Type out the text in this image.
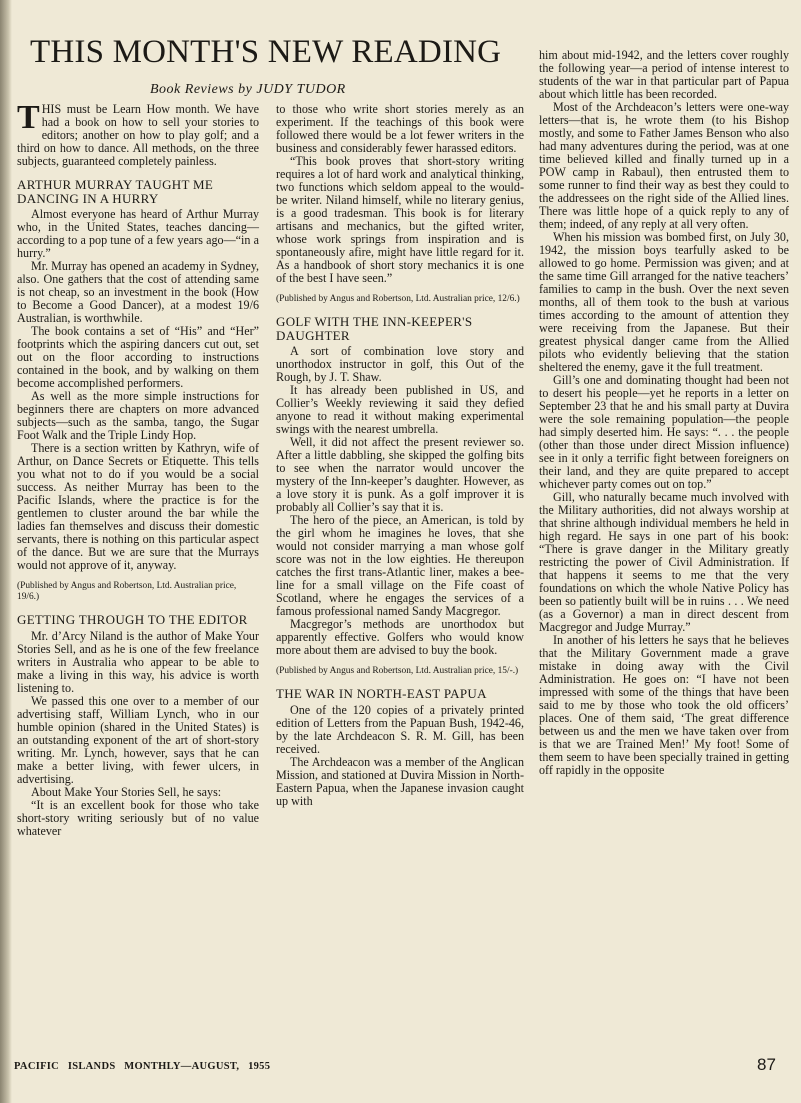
THIS MONTH'S NEW READING
Book Reviews by JUDY TUDOR

THIS must be Learn How month. We have had a book on how to sell your stories to editors; another on how to play golf; and a third on how to dance. All methods, on the three subjects, guaranteed completely painless.

ARTHUR MURRAY TAUGHT ME DANCING IN A HURRY

Almost everyone has heard of Arthur Murray who, in the United States, teaches dancing—according to a pop tune of a few years ago—“in a hurry.”

Mr. Murray has opened an academy in Sydney, also. One gathers that the cost of attending same is not cheap, so an investment in the book (How to Become a Good Dancer), at a modest 19/6 Australian, is worthwhile.

The book contains a set of “His” and “Her” footprints which the aspiring dancers cut out, set out on the floor according to instructions contained in the book, and by walking on them become accomplished performers.

As well as the more simple instructions for beginners there are chapters on more advanced subjects—such as the samba, tango, the Sugar Foot Walk and the Triple Lindy Hop.

There is a section written by Kathryn, wife of Arthur, on Dance Secrets or Etiquette. This tells you what not to do if you would be a social success. As neither Murray has been to the Pacific Islands, where the practice is for the gentlemen to cluster around the bar while the ladies fan themselves and discuss their domestic servants, there is nothing on this particular aspect of the dance. But we are sure that the Murrays would not approve of it, anyway.

(Published by Angus and Robertson, Ltd. Australian price, 19/6.)

GETTING THROUGH TO THE EDITOR

Mr. d’Arcy Niland is the author of Make Your Stories Sell, and as he is one of the few freelance writers in Australia who appear to be able to make a living in this way, his advice is worth listening to.

We passed this one over to a member of our advertising staff, William Lynch, who in our humble opinion (shared in the United States) is an outstanding exponent of the art of short-story writing. Mr. Lynch, however, says that he can make a better living, with fewer ulcers, in advertising.

About Make Your Stories Sell, he says:

“It is an excellent book for those who take short-story writing seriously but of no value whatever

to those who write short stories merely as an experiment. If the teachings of this book were followed there would be a lot fewer writers in the business and considerably fewer harassed editors.

“This book proves that short-story writing requires a lot of hard work and analytical thinking, two functions which seldom appeal to the would-be writer. Niland himself, while no literary genius, is a good tradesman. This book is for literary artisans and mechanics, but the gifted writer, whose work springs from inspiration and is spontaneously afire, might have little regard for it. As a handbook of short story mechanics it is one of the best I have seen.”

(Published by Angus and Robertson, Ltd. Australian price, 12/6.)

GOLF WITH THE INN-KEEPER'S DAUGHTER

A sort of combination love story and unorthodox instructor in golf, this Out of the Rough, by J. T. Shaw.

It has already been published in US, and Collier’s Weekly reviewing it said they defied anyone to read it without making experimental swings with the nearest umbrella.

Well, it did not affect the present reviewer so. After a little dabbling, she skipped the golfing bits to see when the narrator would uncover the mystery of the Inn-keeper’s daughter. However, as a love story it is punk. As a golf improver it is probably all Collier’s say that it is.

The hero of the piece, an American, is told by the girl whom he imagines he loves, that she would not consider marrying a man whose golf score was not in the low eighties. He thereupon catches the first trans-Atlantic liner, makes a bee-line for a small village on the Fife coast of Scotland, where he engages the services of a famous professional named Sandy Macgregor.

Macgregor’s methods are unorthodox but apparently effective. Golfers who would know more about them are advised to buy the book.

(Published by Angus and Robertson, Ltd. Australian price, 15/-.)

THE WAR IN NORTH-EAST PAPUA

One of the 120 copies of a privately printed edition of Letters from the Papuan Bush, 1942-46, by the late Archdeacon S. R. M. Gill, has been received.

The Archdeacon was a member of the Anglican Mission, and stationed at Duvira Mission in North-Eastern Papua, when the Japanese invasion caught up with

him about mid-1942, and the letters cover roughly the following year—a period of intense interest to students of the war in that particular part of Papua about which little has been recorded.

Most of the Archdeacon’s letters were one-way letters—that is, he wrote them (to his Bishop mostly, and some to Father James Benson who also had many adventures during the period, was at one time believed killed and finally turned up in a POW camp in Rabaul), then entrusted them to some runner to find their way as best they could to the addressees on the right side of the Allied lines. There was little hope of a quick reply to any of them; indeed, of any reply at all very often.

When his mission was bombed first, on July 30, 1942, the mission boys tearfully asked to be allowed to go home. Permission was given; and at the same time Gill arranged for the native teachers’ families to camp in the bush. Over the next seven months, all of them took to the bush at various times according to the amount of attention they were receiving from the Japanese. But their greatest physical danger came from the Allied pilots who evidently believing that the station sheltered the enemy, gave it the full treatment.

Gill’s one and dominating thought had been not to desert his people—yet he reports in a letter on September 23 that he and his small party at Duvira were the sole remaining population—the people had simply deserted him. He says: “. . . the people (other than those under direct Mission influence) see in it only a terrific fight between foreigners on their land, and they are quite prepared to accept whichever party comes out on top.”

Gill, who naturally became much involved with the Military authorities, did not always worship at that shrine although individual members he held in high regard. He says in one part of his book: “There is grave danger in the Military greatly restricting the power of Civil Administration. If that happens it seems to me that the very foundations on which the whole Native Policy has been so patiently built will be in ruins . . . We need (as a Governor) a man in direct descent from Macgregor and Judge Murray.”

In another of his letters he says that he believes that the Military Government made a grave mistake in doing away with the Civil Administration. He goes on: “I have not been impressed with some of the things that have been said to me by those who took the old officers’ places. One of them said, ‘The great difference between us and the men we have taken over from is that we are Trained Men!’ My foot! Some of them seem to have been specially trained in getting off rapidly in the opposite

PACIFIC   ISLANDS   MONTHLY—AUGUST,   1955	87
